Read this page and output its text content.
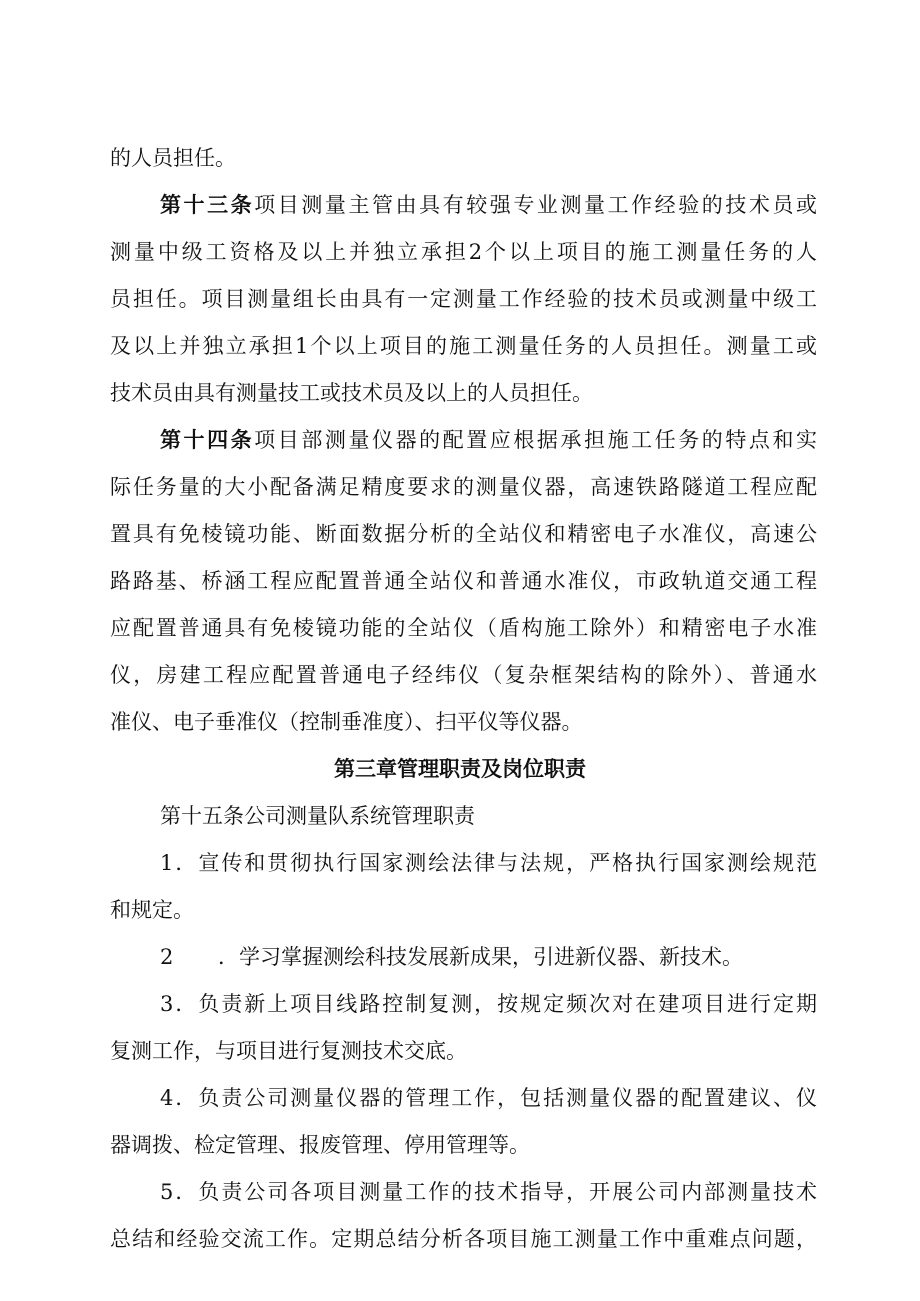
的人员担任。
第十三条项目测量主管由具有较强专业测量工作经验的技术员或
测量中级工资格及以上并独立承担2个以上项目的施工测量任务的人
员担任。项目测量组长由具有一定测量工作经验的技术员或测量中级工
及以上并独立承担1个以上项目的施工测量任务的人员担任。测量工或
技术员由具有测量技工或技术员及以上的人员担任。
第十四条项目部测量仪器的配置应根据承担施工任务的特点和实
际任务量的大小配备满足精度要求的测量仪器，高速铁路隧道工程应配
置具有免棱镜功能、断面数据分析的全站仪和精密电子水准仪，高速公
路路基、桥涵工程应配置普通全站仪和普通水准仪，市政轨道交通工程
应配置普通具有免棱镜功能的全站仪（盾构施工除外）和精密电子水准
仪，房建工程应配置普通电子经纬仪（复杂框架结构的除外）、普通水
准仪、电子垂准仪（控制垂准度）、扫平仪等仪器。
第三章管理职责及岗位职责
第十五条公司测量队系统管理职责
1．宣传和贯彻执行国家测绘法律与法规，严格执行国家测绘规范
和规定。
2 ．学习掌握测绘科技发展新成果，引进新仪器、新技术。
3．负责新上项目线路控制复测，按规定频次对在建项目进行定期
复测工作，与项目进行复测技术交底。
4．负责公司测量仪器的管理工作，包括测量仪器的配置建议、仪
器调拨、检定管理、报废管理、停用管理等。
5．负责公司各项目测量工作的技术指导，开展公司内部测量技术
总结和经验交流工作。定期总结分析各项目施工测量工作中重难点问题，
